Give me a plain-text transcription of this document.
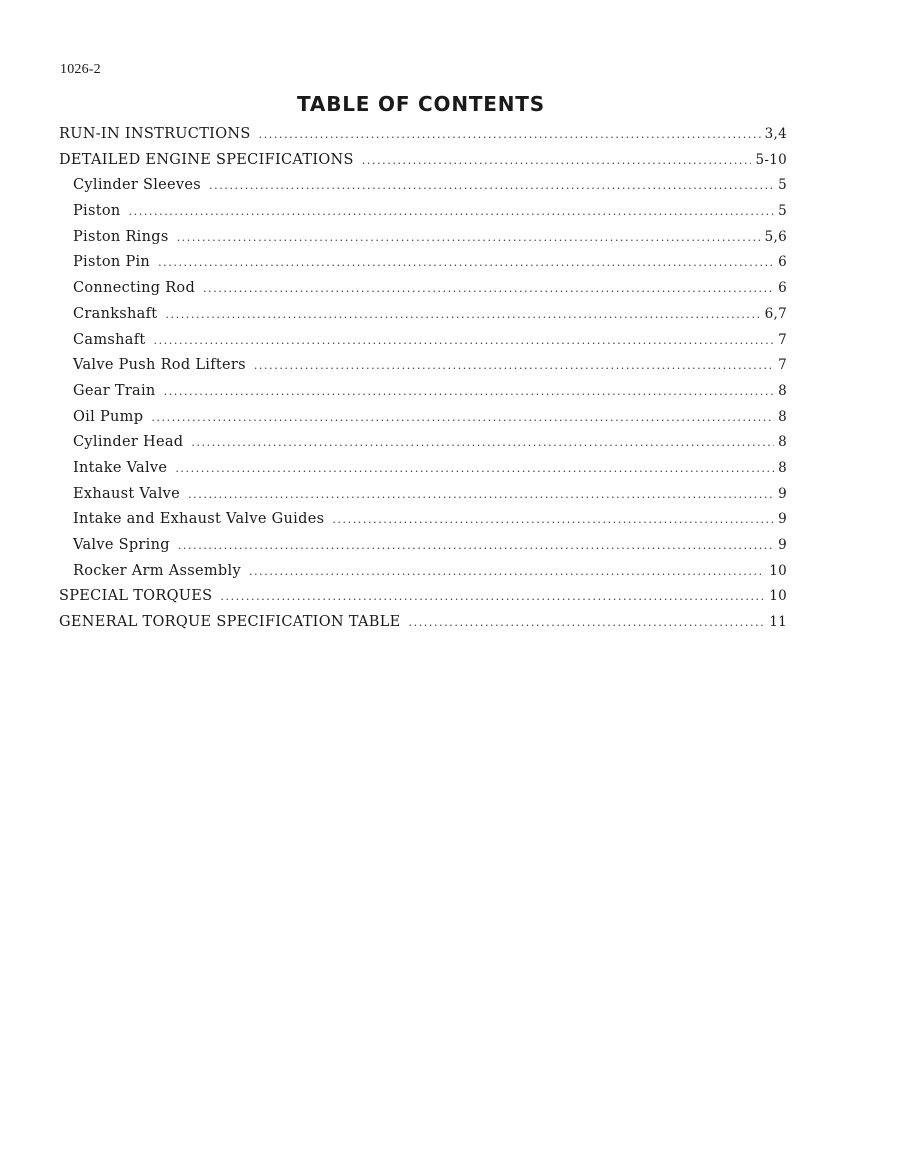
1026-2
TABLE OF CONTENTS
RUN-IN INSTRUCTIONS .....	3,4
DETAILED ENGINE SPECIFICATIONS .....	5-10
Cylinder Sleeves .....	5
Piston .....	5
Piston Rings .....	5,6
Piston Pin .....	6
Connecting Rod .....	6
Crankshaft .....	6,7
Camshaft .....	7
Valve Push Rod Lifters .....	7
Gear Train .....	8
Oil Pump .....	8
Cylinder Head .....	8
Intake Valve .....	8
Exhaust Valve .....	9
Intake and Exhaust Valve Guides .....	9
Valve Spring .....	9
Rocker Arm Assembly .....	10
SPECIAL TORQUES .....	10
GENERAL TORQUE SPECIFICATION TABLE .....	11
